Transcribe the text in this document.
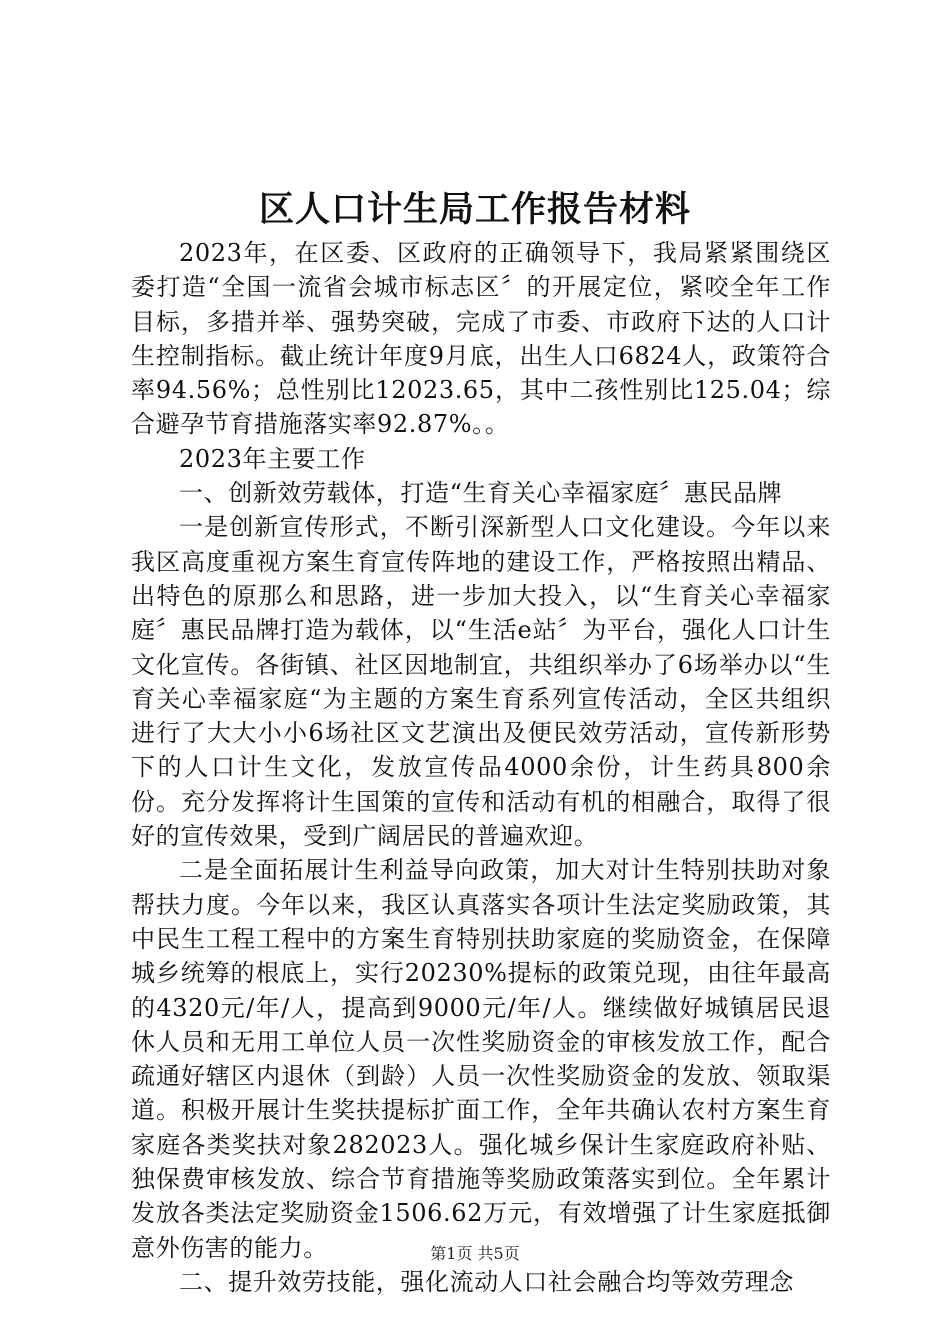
区人口计生局工作报告材料

2023年，在区委、区政府的正确领导下，我局紧紧围绕区委打造“全国一流省会城市标志区〞的开展定位，紧咬全年工作目标，多措并举、强势突破，完成了市委、市政府下达的人口计生控制指标。截止统计年度9月底，出生人口6824人，政策符合率94.56%；总性别比12023.65，其中二孩性别比125.04；综合避孕节育措施落实率92.87%。。

2023年主要工作

一、创新效劳载体，打造“生育关心幸福家庭〞惠民品牌

一是创新宣传形式，不断引深新型人口文化建设。今年以来我区高度重视方案生育宣传阵地的建设工作，严格按照出精品、出特色的原那么和思路，进一步加大投入，以“生育关心幸福家庭〞惠民品牌打造为载体，以“生活e站〞为平台，强化人口计生文化宣传。各街镇、社区因地制宜，共组织举办了6场举办以“生育关心幸福家庭“为主题的方案生育系列宣传活动，全区共组织进行了大大小小6场社区文艺演出及便民效劳活动，宣传新形势下的人口计生文化，发放宣传品4000余份，计生药具800余份。充分发挥将计生国策的宣传和活动有机的相融合，取得了很好的宣传效果，受到广阔居民的普遍欢迎。

二是全面拓展计生利益导向政策，加大对计生特别扶助对象帮扶力度。今年以来，我区认真落实各项计生法定奖励政策，其中民生工程工程中的方案生育特别扶助家庭的奖励资金，在保障城乡统筹的根底上，实行20230%提标的政策兑现，由往年最高的4320元/年/人，提高到9000元/年/人。继续做好城镇居民退休人员和无用工单位人员一次性奖励资金的审核发放工作，配合疏通好辖区内退休（到龄）人员一次性奖励资金的发放、领取渠道。积极开展计生奖扶提标扩面工作，全年共确认农村方案生育家庭各类奖扶对象282023人。强化城乡保计生家庭政府补贴、独保费审核发放、综合节育措施等奖励政策落实到位。全年累计发放各类法定奖励资金1506.62万元，有效增强了计生家庭抵御意外伤害的能力。

二、提升效劳技能，强化流动人口社会融合均等效劳理念

第1页 共5页
